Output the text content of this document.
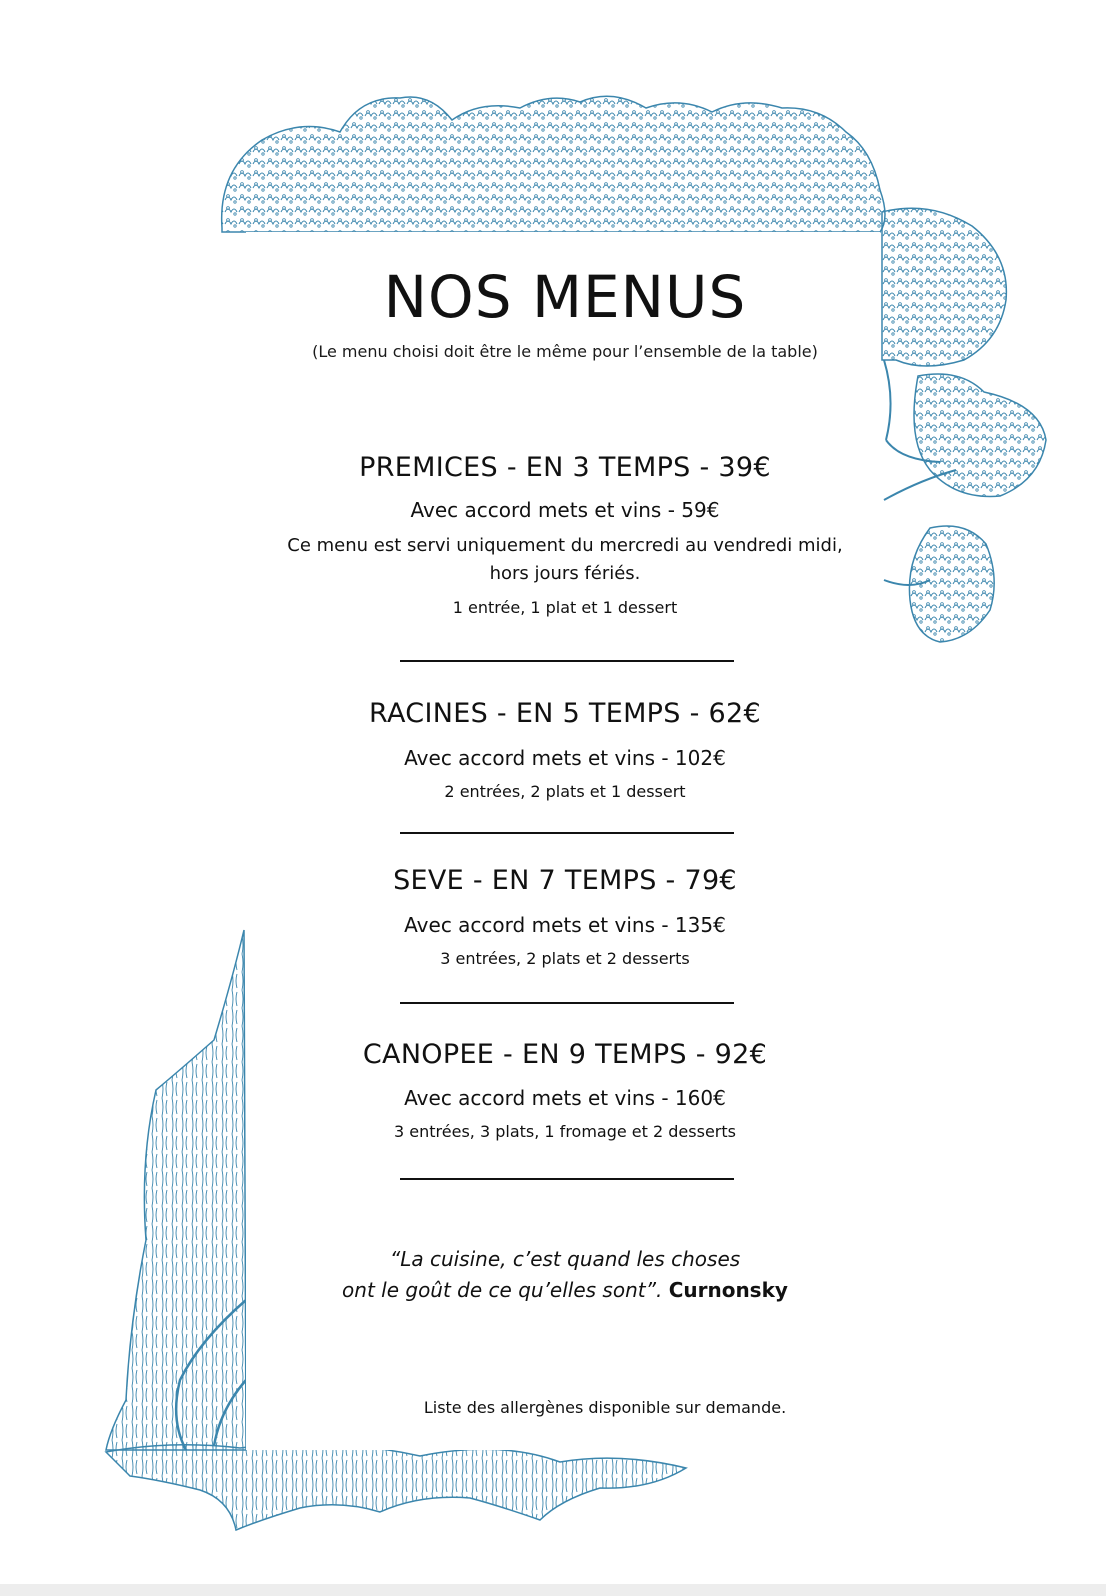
NOS MENUS
(Le menu choisi doit être le même pour l’ensemble de la table)
PREMICES - EN 3 TEMPS - 39€
Avec accord mets et vins - 59€
Ce menu est servi uniquement du mercredi au vendredi midi,
hors jours fériés.
1 entrée, 1 plat et 1 dessert
RACINES - EN 5 TEMPS - 62€
Avec accord mets et vins - 102€
2 entrées, 2 plats et 1 dessert
SEVE - EN 7 TEMPS - 79€
Avec accord mets et vins - 135€
3 entrées, 2 plats et 2 desserts
CANOPEE - EN 9 TEMPS - 92€
Avec accord mets et vins - 160€
3 entrées, 3 plats, 1 fromage et 2 desserts
“La cuisine, c’est quand les choses
ont le goût de ce qu’elles sont”. Curnonsky
Liste des allergènes disponible sur demande.
